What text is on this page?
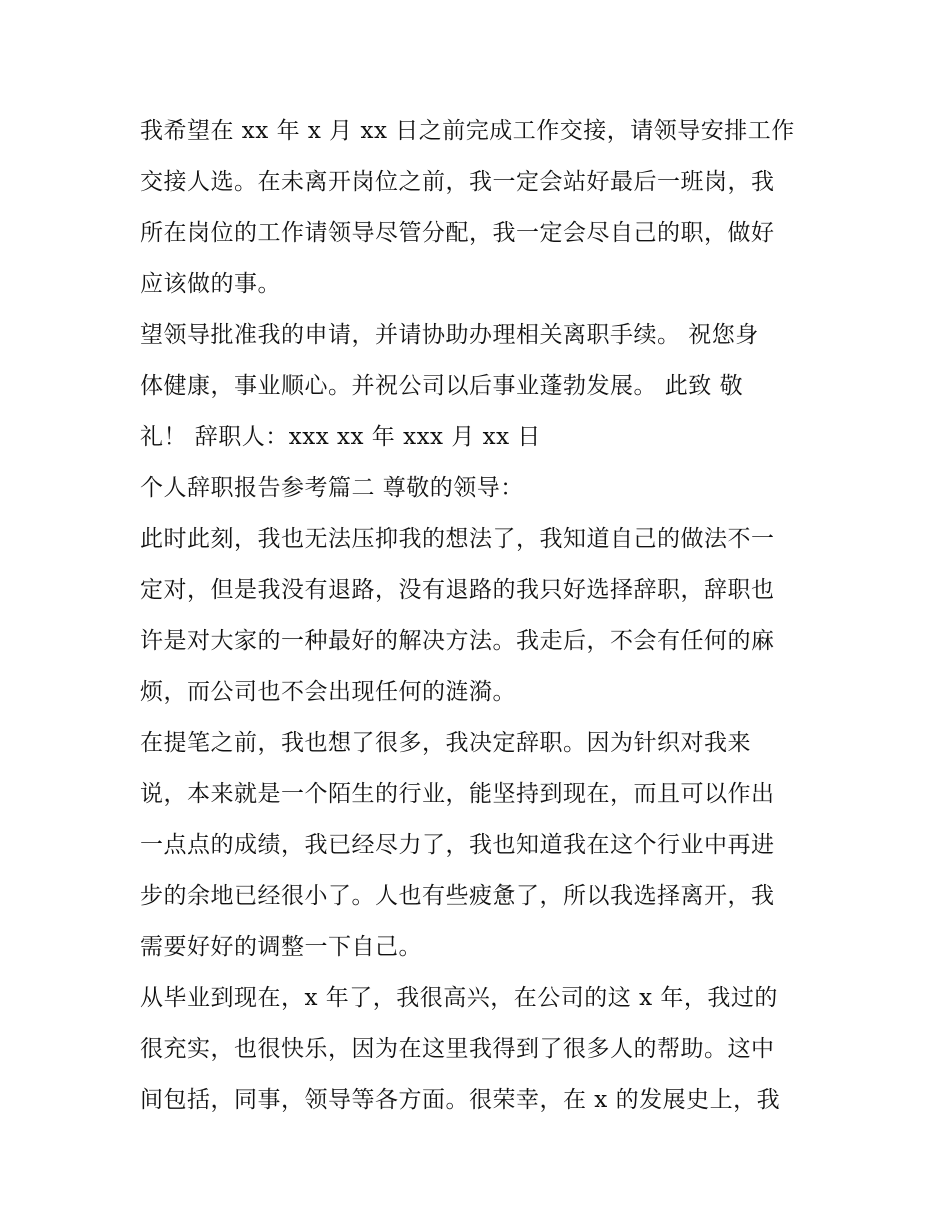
我希望在 xx 年 x 月 xx 日之前完成工作交接，请领导安排工作
交接人选。在未离开岗位之前，我一定会站好最后一班岗，我
所在岗位的工作请领导尽管分配，我一定会尽自己的职，做好
应该做的事。
望领导批准我的申请，并请协助办理相关离职手续。 祝您身
体健康，事业顺心。并祝公司以后事业蓬勃发展。 此致 敬
礼！ 辞职人：xxx xx 年 xxx 月 xx 日
个人辞职报告参考篇二 尊敬的领导：
此时此刻，我也无法压抑我的想法了，我知道自己的做法不一
定对，但是我没有退路，没有退路的我只好选择辞职，辞职也
许是对大家的一种最好的解决方法。我走后，不会有任何的麻
烦，而公司也不会出现任何的涟漪。
在提笔之前，我也想了很多，我决定辞职。因为针织对我来
说，本来就是一个陌生的行业，能坚持到现在，而且可以作出
一点点的成绩，我已经尽力了，我也知道我在这个行业中再进
步的余地已经很小了。人也有些疲惫了，所以我选择离开，我
需要好好的调整一下自己。
从毕业到现在，x 年了，我很高兴，在公司的这 x 年，我过的
很充实，也很快乐，因为在这里我得到了很多人的帮助。这中
间包括，同事，领导等各方面。很荣幸，在 x 的发展史上，我
